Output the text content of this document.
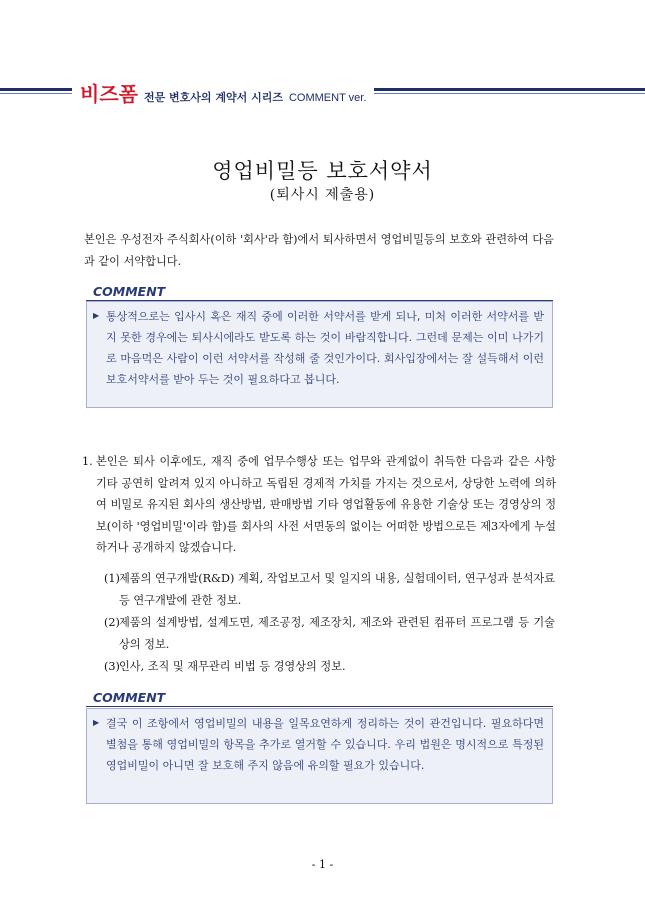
비즈폼 전문 변호사의 계약서 시리즈 COMMENT ver.
영업비밀등 보호서약서
(퇴사시 제출용)
본인은 우성전자 주식회사(이하 '회사'라 함)에서 퇴사하면서 영업비밀등의 보호와 관련하여 다음과 같이 서약합니다.
COMMENT
▶ 통상적으로는 입사시 혹은 재직 중에 이러한 서약서를 받게 되나, 미처 이러한 서약서를 받지 못한 경우에는 퇴사시에라도 받도록 하는 것이 바람직합니다. 그런데 문제는 이미 나가기로 마음먹은 사람이 이런 서약서를 작성해 줄 것인가이다. 회사입장에서는 잘 설득해서 이런 보호서약서를 받아 두는 것이 필요하다고 봅니다.
1. 본인은 퇴사 이후에도, 재직 중에 업무수행상 또는 업무와 관계없이 취득한 다음과 같은 사항 기타 공연히 알려져 있지 아니하고 독립된 경제적 가치를 가지는 것으로서, 상당한 노력에 의하여 비밀로 유지된 회사의 생산방법, 판매방법 기타 영업활동에 유용한 기술상 또는 경영상의 정보(이하 '영업비밀'이라 함)를 회사의 사전 서면동의 없이는 어떠한 방법으로든 제3자에게 누설하거나 공개하지 않겠습니다.
(1) 제품의 연구개발(R&D) 계획, 작업보고서 및 일지의 내용, 실험데이터, 연구성과 분석자료 등 연구개발에 관한 정보.
(2) 제품의 설계방법, 설계도면, 제조공정, 제조장치, 제조와 관련된 컴퓨터 프로그램 등 기술상의 정보.
(3) 인사, 조직 및 재무관리 비법 등 경영상의 정보.
COMMENT
▶ 결국 이 조항에서 영업비밀의 내용을 일목요연하게 정리하는 것이 관건입니다. 필요하다면 별첨을 통해 영업비밀의 항목을 추가로 열거할 수 있습니다. 우리 법원은 명시적으로 특정된 영업비밀이 아니면 잘 보호해 주지 않음에 유의할 필요가 있습니다.
- 1 -
